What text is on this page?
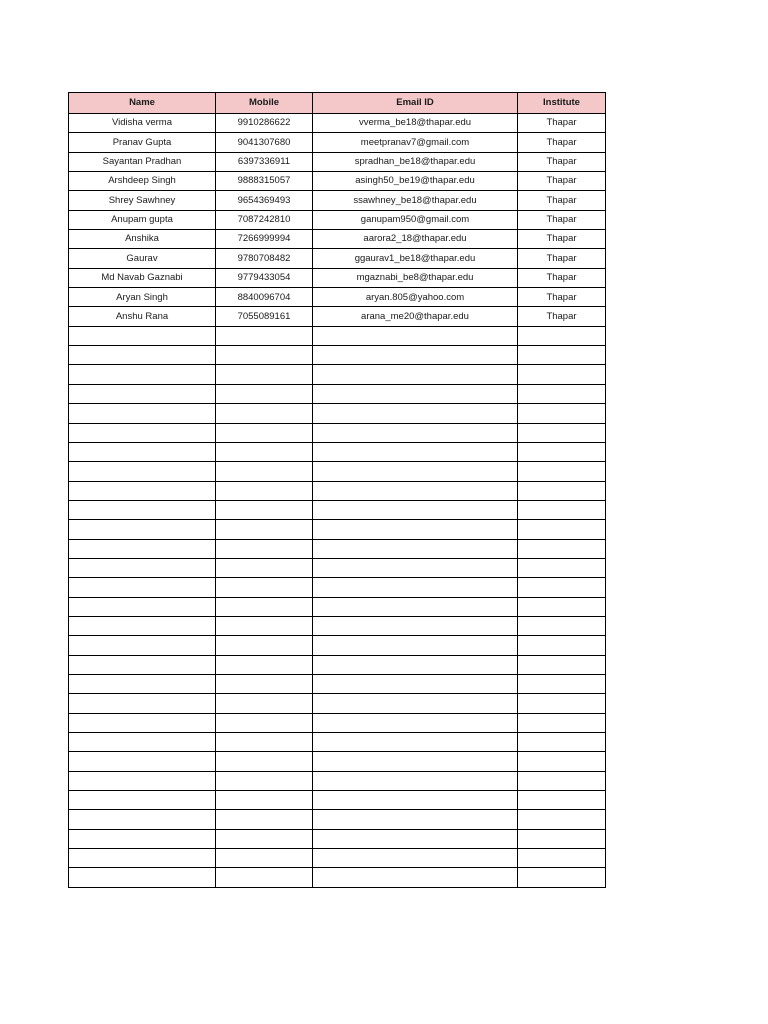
Name	Mobile	Email ID	Institute
Vidisha verma	9910286622	vverma_be18@thapar.edu	Thapar
Pranav Gupta	9041307680	meetpranav7@gmail.com	Thapar
Sayantan Pradhan	6397336911	spradhan_be18@thapar.edu	Thapar
Arshdeep Singh	9888315057	asingh50_be19@thapar.edu	Thapar
Shrey Sawhney	9654369493	ssawhney_be18@thapar.edu	Thapar
Anupam gupta	7087242810	ganupam950@gmail.com	Thapar
Anshika	7266999994	aarora2_18@thapar.edu	Thapar
Gaurav	9780708482	ggaurav1_be18@thapar.edu	Thapar
Md Navab Gaznabi	9779433054	mgaznabi_be8@thapar.edu	Thapar
Aryan Singh	8840096704	aryan.805@yahoo.com	Thapar
Anshu Rana	7055089161	arana_me20@thapar.edu	Thapar
